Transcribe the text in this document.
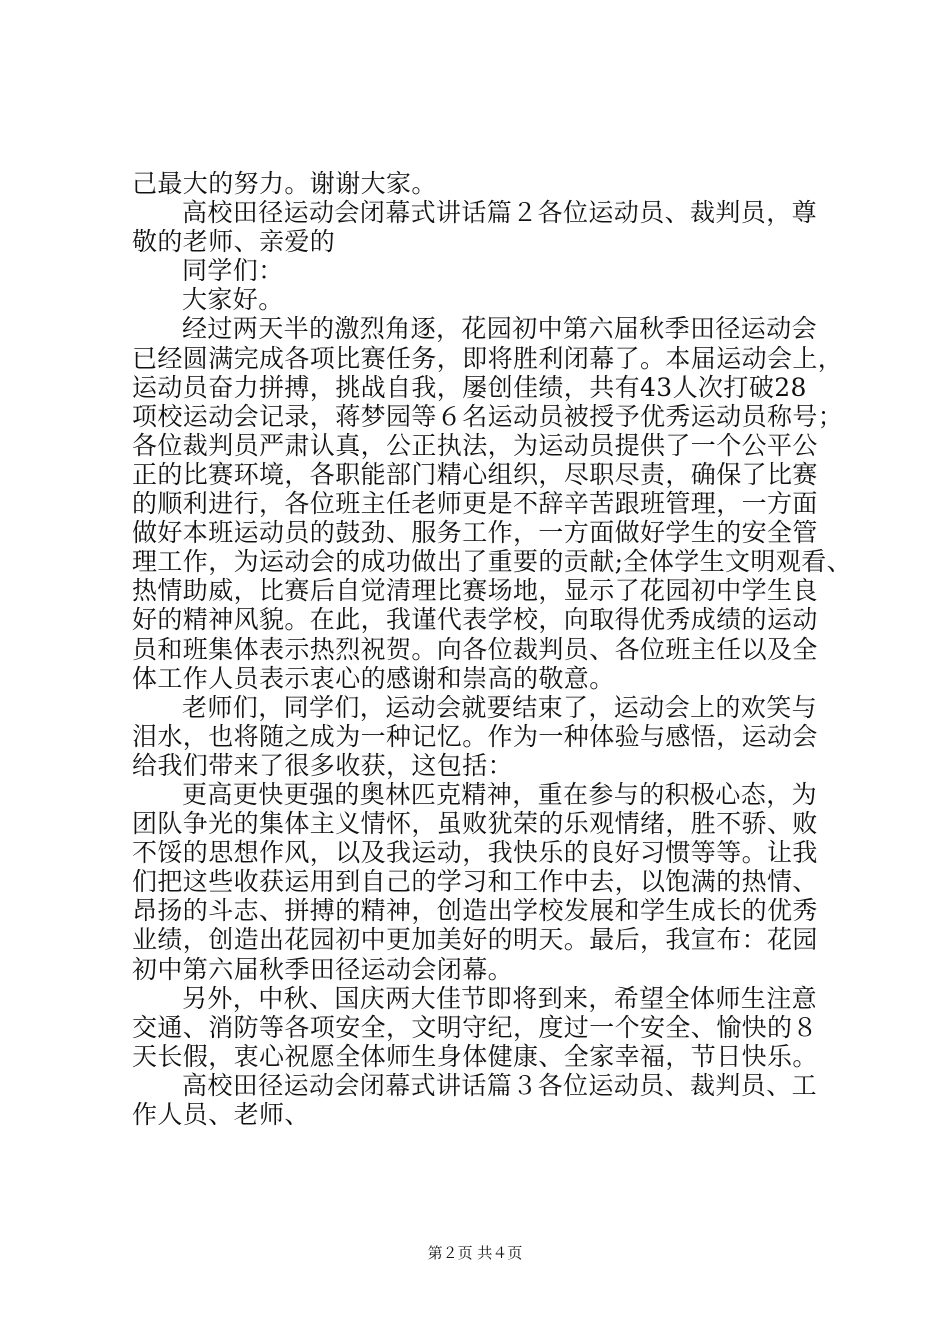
己最大的努力。谢谢大家。
高校田径运动会闭幕式讲话篇２各位运动员、裁判员，尊
敬的老师、亲爱的
同学们：
大家好。
经过两天半的激烈角逐，花园初中第六届秋季田径运动会
已经圆满完成各项比赛任务，即将胜利闭幕了。本届运动会上，
运动员奋力拼搏，挑战自我，屡创佳绩，共有43人次打破28
项校运动会记录，蒋梦园等６名运动员被授予优秀运动员称号；
各位裁判员严肃认真，公正执法，为运动员提供了一个公平公
正的比赛环境，各职能部门精心组织，尽职尽责，确保了比赛
的顺利进行，各位班主任老师更是不辞辛苦跟班管理，一方面
做好本班运动员的鼓劲、服务工作，一方面做好学生的安全管
理工作，为运动会的成功做出了重要的贡献;全体学生文明观看、
热情助威，比赛后自觉清理比赛场地，显示了花园初中学生良
好的精神风貌。在此，我谨代表学校，向取得优秀成绩的运动
员和班集体表示热烈祝贺。向各位裁判员、各位班主任以及全
体工作人员表示衷心的感谢和崇高的敬意。
老师们，同学们，运动会就要结束了，运动会上的欢笑与
泪水，也将随之成为一种记忆。作为一种体验与感悟，运动会
给我们带来了很多收获，这包括：
更高更快更强的奥林匹克精神，重在参与的积极心态，为
团队争光的集体主义情怀，虽败犹荣的乐观情绪，胜不骄、败
不馁的思想作风，以及我运动，我快乐的良好习惯等等。让我
们把这些收获运用到自己的学习和工作中去，以饱满的热情、
昂扬的斗志、拼搏的精神，创造出学校发展和学生成长的优秀
业绩，创造出花园初中更加美好的明天。最后，我宣布：花园
初中第六届秋季田径运动会闭幕。
另外，中秋、国庆两大佳节即将到来，希望全体师生注意
交通、消防等各项安全，文明守纪，度过一个安全、愉快的８
天长假，衷心祝愿全体师生身体健康、全家幸福，节日快乐。
高校田径运动会闭幕式讲话篇３各位运动员、裁判员、工
作人员、老师、
第２页 共４页
